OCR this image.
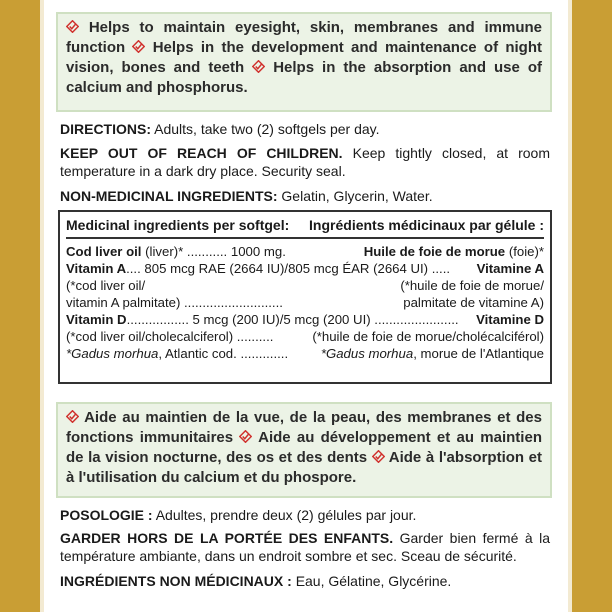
Helps to maintain eyesight, skin, membranes and immune function Helps in the development and maintenance of night vision, bones and teeth Helps in the absorption and use of calcium and phosphorus.
DIRECTIONS: Adults, take two (2) softgels per day.
KEEP OUT OF REACH OF CHILDREN. Keep tightly closed, at room temperature in a dark dry place. Security seal.
NON-MEDICINAL INGREDIENTS: Gelatin, Glycerin, Water.
Medicinal ingredients per softgel: Ingrédients médicinaux par gélule :
Cod liver oil (liver)* ........... 1000 mg.	Huile de foie de morue (foie)*
Vitamin A.... 805 mcg RAE (2664 IU)/805 mcg ÉAR (2664 UI) ..... Vitamine A
(*cod liver oil/	(*huile de foie de morue/
vitamin A palmitate) ...........................	palmitate de vitamine A)
Vitamin D................. 5 mcg (200 IU)/5 mcg (200 UI) ....................... Vitamine D
(*cod liver oil/cholecalciferol) ..........	(*huile de foie de morue/cholécalciférol)
*Gadus morhua, Atlantic cod. ............. *Gadus morhua, morue de l'Atlantique
Aide au maintien de la vue, de la peau, des membranes et des fonctions immunitaires Aide au développement et au maintien de la vision nocturne, des os et des dents Aide à l'absorption et à l'utilisation du calcium et du phospore.
POSOLOGIE : Adultes, prendre deux (2) gélules par jour.
GARDER HORS DE LA PORTÉE DES ENFANTS. Garder bien fermé à la température ambiante, dans un endroit sombre et sec. Sceau de sécurité.
INGRÉDIENTS NON MÉDICINAUX : Eau, Gélatine, Glycérine.
